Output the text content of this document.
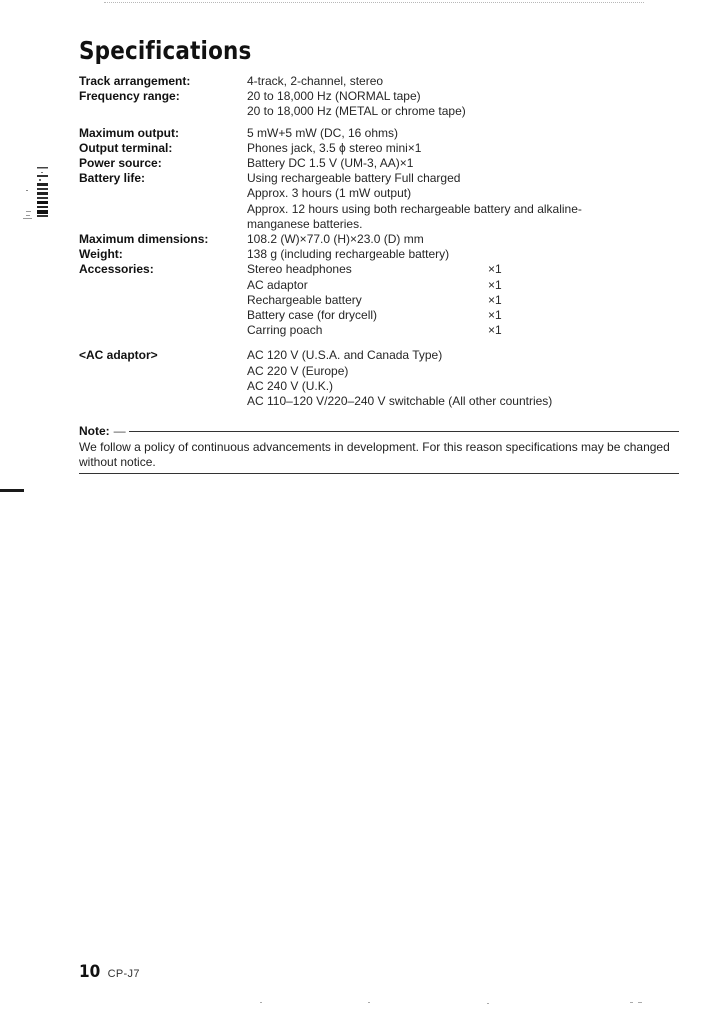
Specifications
Track arrangement:	4-track, 2-channel, stereo
Frequency range:	20 to 18,000 Hz (NORMAL tape)
20 to 18,000 Hz (METAL or chrome tape)
Maximum output:	5 mW+5 mW (DC, 16 ohms)
Output terminal:	Phones jack, 3.5 ϕ stereo mini×1
Power source:	Battery DC 1.5 V (UM-3, AA)×1
Battery life:	Using rechargeable battery Full charged
Approx. 3 hours (1 mW output)
Approx. 12 hours using both rechargeable battery and alkaline-
manganese batteries.
Maximum dimensions:	108.2 (W)×77.0 (H)×23.0 (D) mm
Weight:	138 g (including rechargeable battery)
Accessories:	Stereo headphones	×1
AC adaptor	×1
Rechargeable battery	×1
Battery case (for drycell)	×1
Carring poach	×1
<AC adaptor>	AC 120 V (U.S.A. and Canada Type)
AC 220 V (Europe)
AC 240 V (U.K.)
AC 110–120 V/220–240 V switchable (All other countries)
Note: —

We follow a policy of continuous advancements in development. For this reason specifications may be changed without notice.

10 CP-J7
